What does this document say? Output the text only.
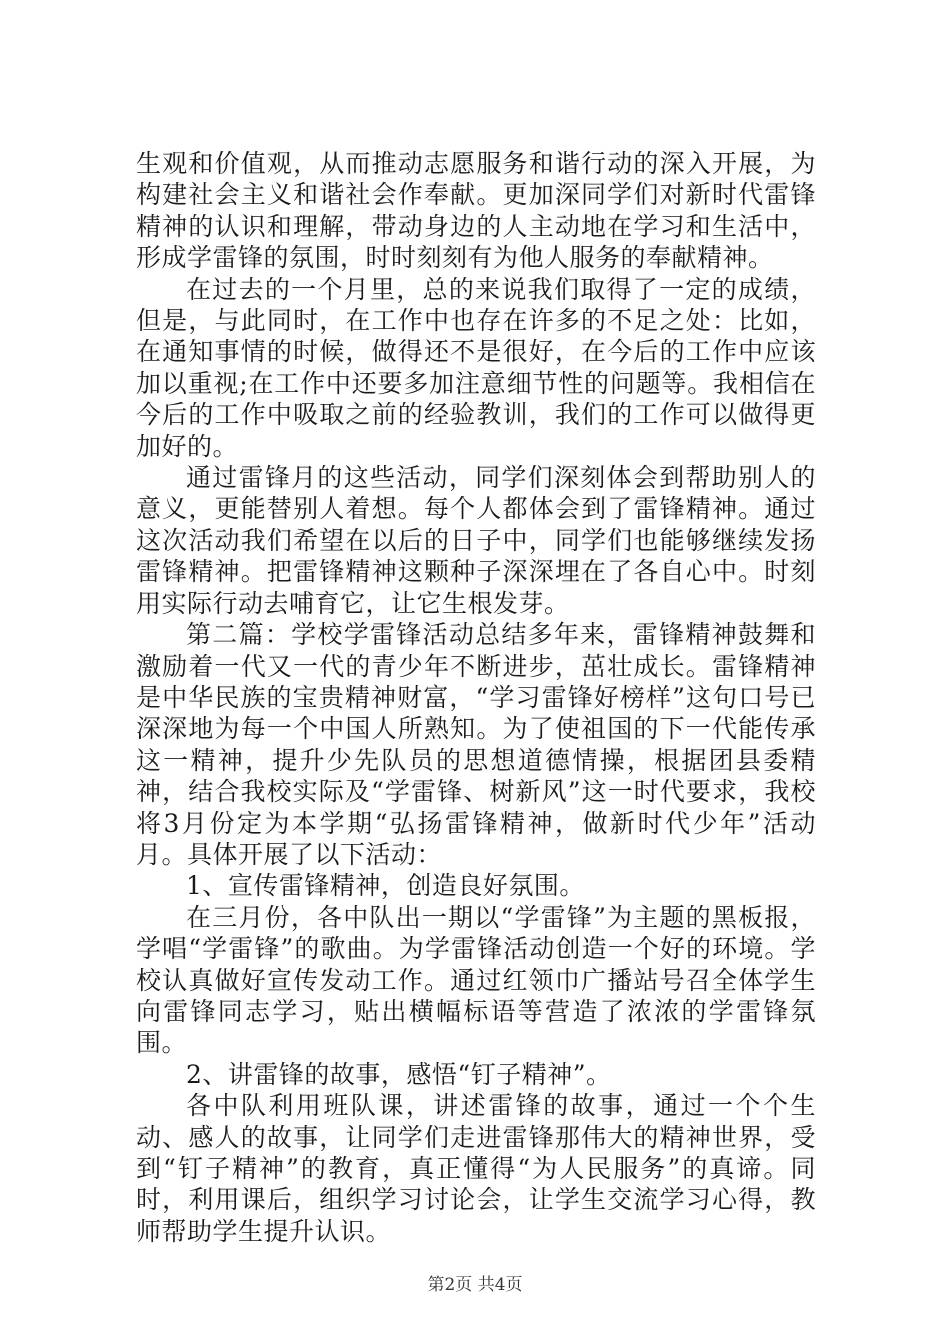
生观和价值观，从而推动志愿服务和谐行动的深入开展，为构建社会主义和谐社会作奉献。更加深同学们对新时代雷锋精神的认识和理解，带动身边的人主动地在学习和生活中，形成学雷锋的氛围，时时刻刻有为他人服务的奉献精神。

在过去的一个月里，总的来说我们取得了一定的成绩，但是，与此同时，在工作中也存在许多的不足之处：比如，在通知事情的时候，做得还不是很好，在今后的工作中应该加以重视;在工作中还要多加注意细节性的问题等。我相信在今后的工作中吸取之前的经验教训，我们的工作可以做得更加好的。

通过雷锋月的这些活动，同学们深刻体会到帮助别人的意义，更能替别人着想。每个人都体会到了雷锋精神。通过这次活动我们希望在以后的日子中，同学们也能够继续发扬雷锋精神。把雷锋精神这颗种子深深埋在了各自心中。时刻用实际行动去哺育它，让它生根发芽。

第二篇：学校学雷锋活动总结多年来，雷锋精神鼓舞和激励着一代又一代的青少年不断进步，茁壮成长。雷锋精神是中华民族的宝贵精神财富，“学习雷锋好榜样”这句口号已深深地为每一个中国人所熟知。为了使祖国的下一代能传承这一精神，提升少先队员的思想道德情操，根据团县委精神，结合我校实际及“学雷锋、树新风”这一时代要求，我校将3月份定为本学期“弘扬雷锋精神，做新时代少年”活动月。具体开展了以下活动：

1、宣传雷锋精神，创造良好氛围。

在三月份，各中队出一期以“学雷锋”为主题的黑板报，学唱“学雷锋”的歌曲。为学雷锋活动创造一个好的环境。学校认真做好宣传发动工作。通过红领巾广播站号召全体学生向雷锋同志学习，贴出横幅标语等营造了浓浓的学雷锋氛围。

2、讲雷锋的故事，感悟“钉子精神”。

各中队利用班队课，讲述雷锋的故事，通过一个个生动、感人的故事，让同学们走进雷锋那伟大的精神世界，受到“钉子精神”的教育，真正懂得“为人民服务”的真谛。同时，利用课后，组织学习讨论会，让学生交流学习心得，教师帮助学生提升认识。

第2页 共4页
